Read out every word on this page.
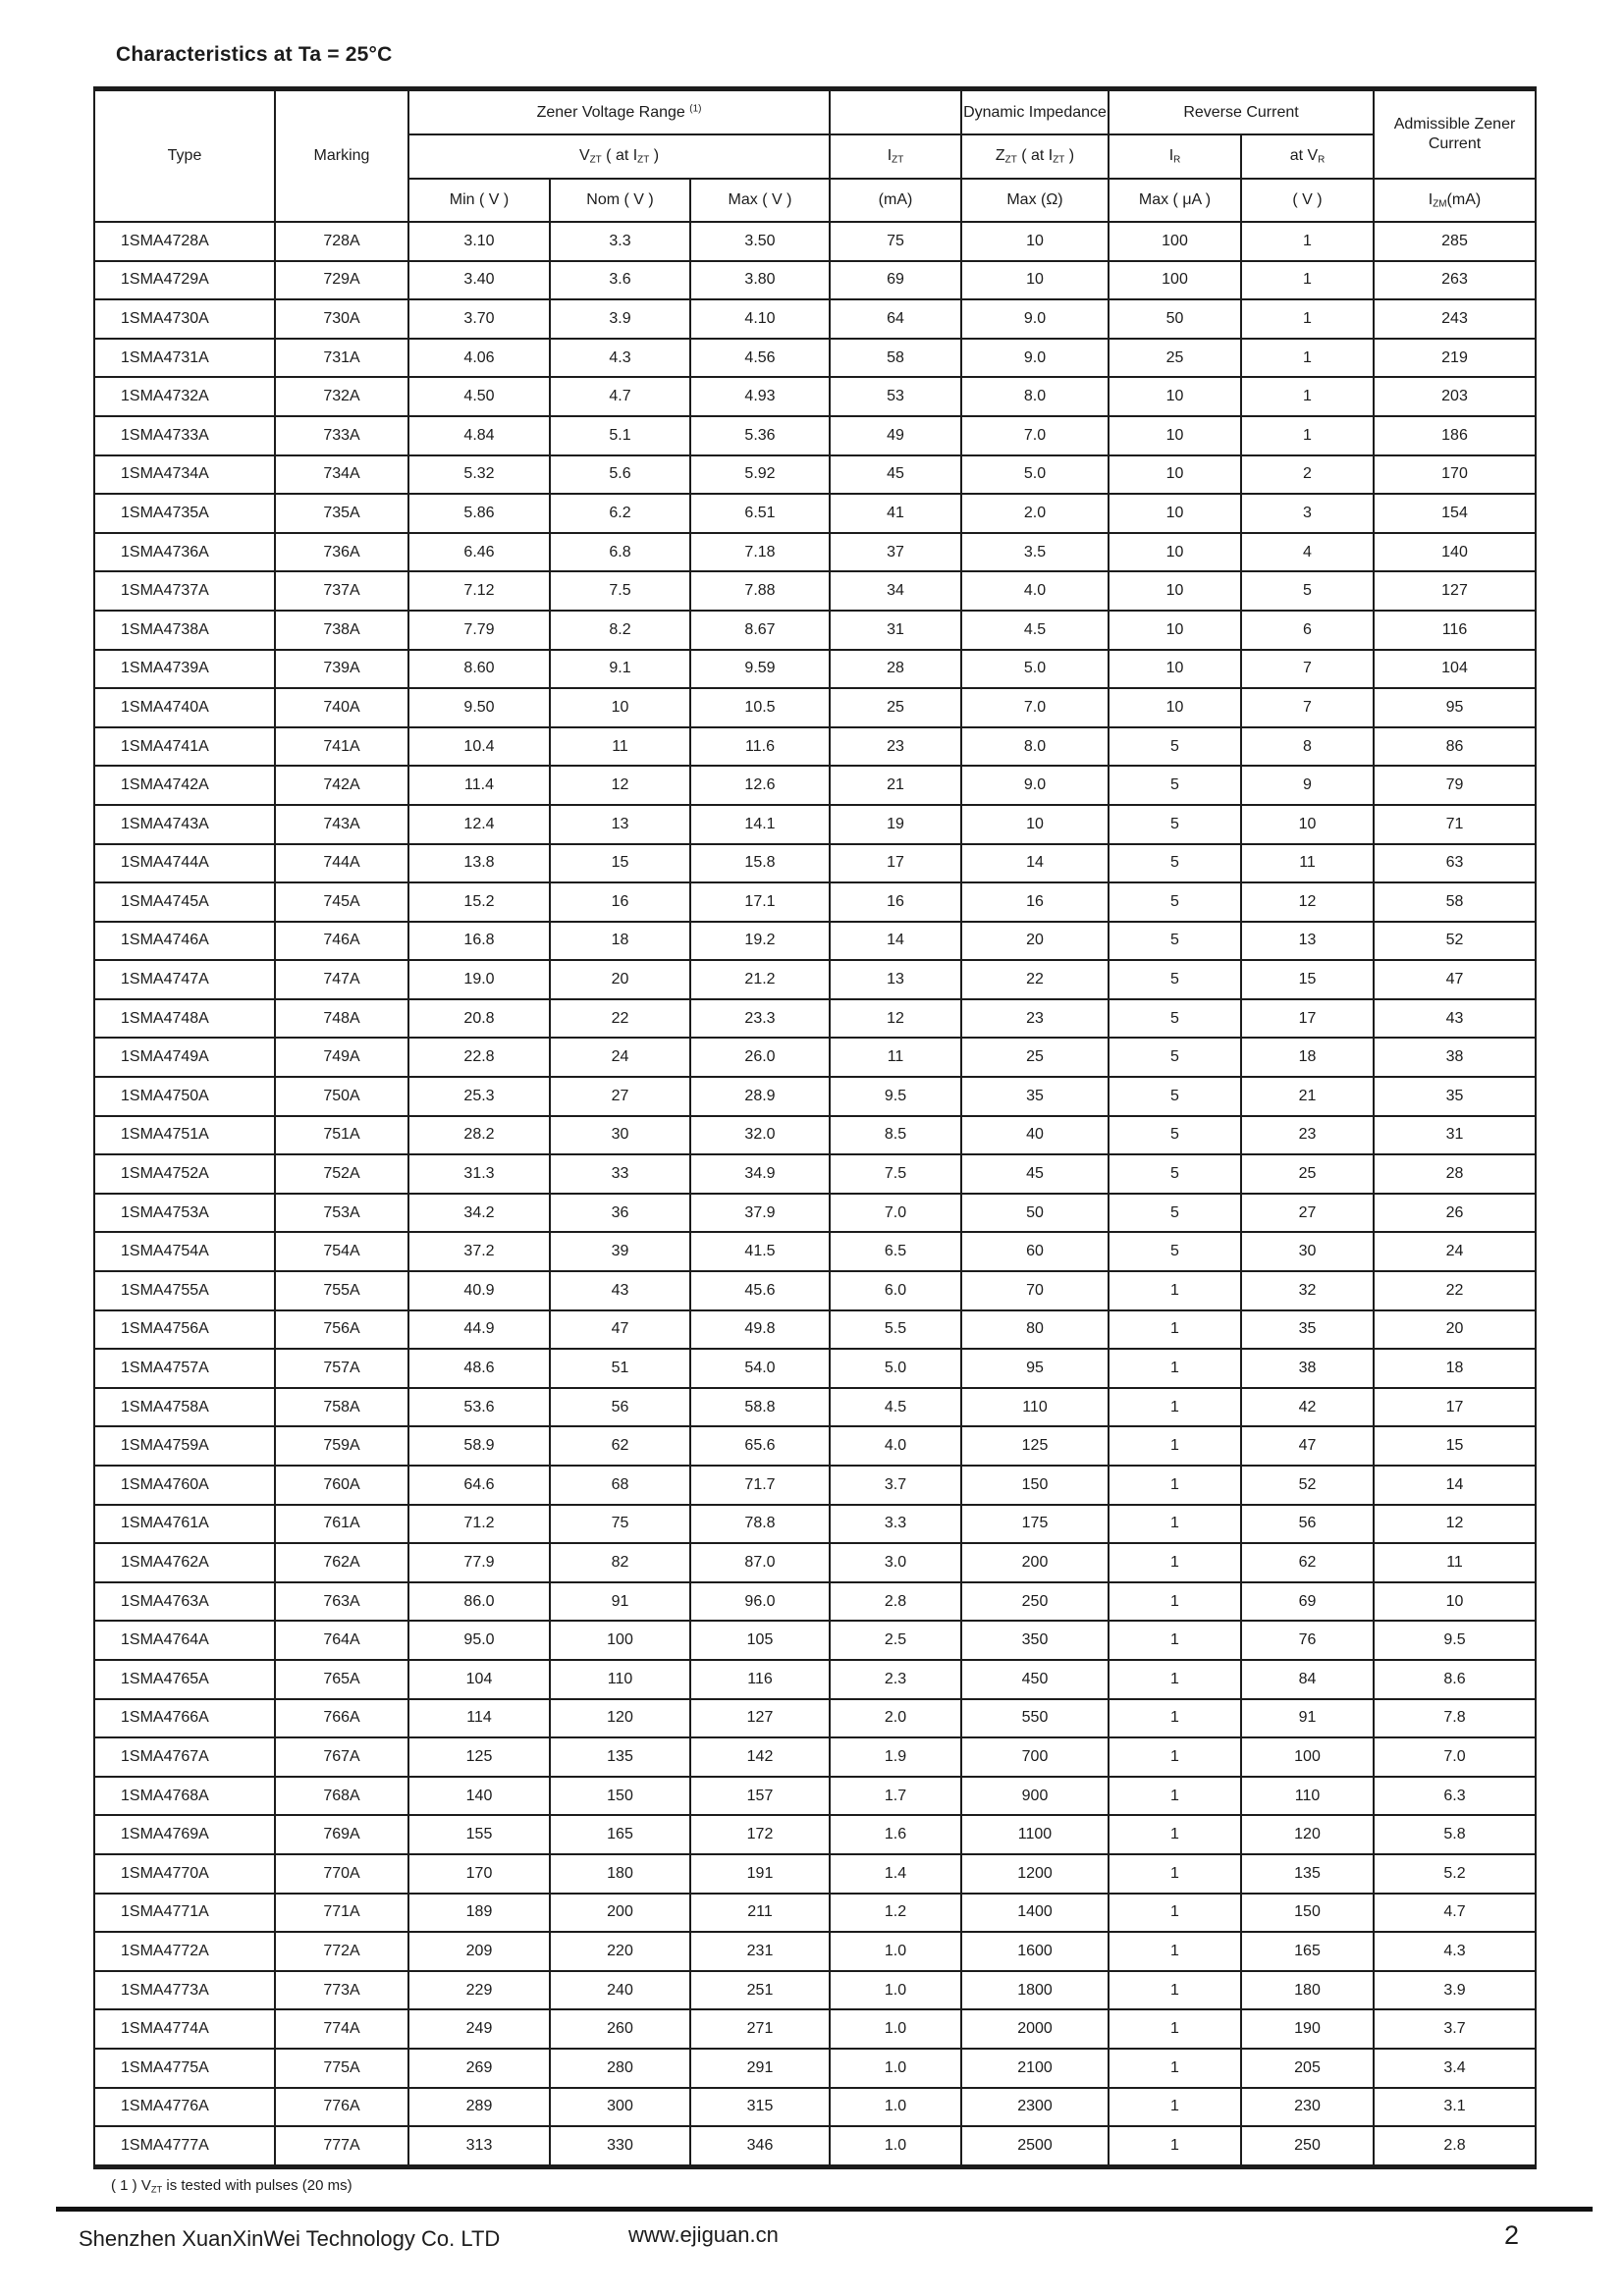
Characteristics at Ta = 25°C
Type	Marking	Zener Voltage Range $^{(1)}$				Dynamic Impedance	Reverse Current		Admissible Zener Current
		$V_{ZT}$ ( at $I_{ZT}$ )			$I_{ZT}$	$Z_{ZT}$ ( at $I_{ZT}$ )	$I_R$	at $V_R$
		Min ( V )	Nom ( V )	Max ( V )	(mA)	Max (Ω)	Max ( μA )	( V )	$I_{ZM}(mA)$
1SMA4728A	728A	3.10	3.3	3.50	75	10	100	1	285
1SMA4729A	729A	3.40	3.6	3.80	69	10	100	1	263
1SMA4730A	730A	3.70	3.9	4.10	64	9.0	50	1	243
1SMA4731A	731A	4.06	4.3	4.56	58	9.0	25	1	219
1SMA4732A	732A	4.50	4.7	4.93	53	8.0	10	1	203
1SMA4733A	733A	4.84	5.1	5.36	49	7.0	10	1	186
1SMA4734A	734A	5.32	5.6	5.92	45	5.0	10	2	170
1SMA4735A	735A	5.86	6.2	6.51	41	2.0	10	3	154
1SMA4736A	736A	6.46	6.8	7.18	37	3.5	10	4	140
1SMA4737A	737A	7.12	7.5	7.88	34	4.0	10	5	127
1SMA4738A	738A	7.79	8.2	8.67	31	4.5	10	6	116
1SMA4739A	739A	8.60	9.1	9.59	28	5.0	10	7	104
1SMA4740A	740A	9.50	10	10.5	25	7.0	10	7	95
1SMA4741A	741A	10.4	11	11.6	23	8.0	5	8	86
1SMA4742A	742A	11.4	12	12.6	21	9.0	5	9	79
1SMA4743A	743A	12.4	13	14.1	19	10	5	10	71
1SMA4744A	744A	13.8	15	15.8	17	14	5	11	63
1SMA4745A	745A	15.2	16	17.1	16	16	5	12	58
1SMA4746A	746A	16.8	18	19.2	14	20	5	13	52
1SMA4747A	747A	19.0	20	21.2	13	22	5	15	47
1SMA4748A	748A	20.8	22	23.3	12	23	5	17	43
1SMA4749A	749A	22.8	24	26.0	11	25	5	18	38
1SMA4750A	750A	25.3	27	28.9	9.5	35	5	21	35
1SMA4751A	751A	28.2	30	32.0	8.5	40	5	23	31
1SMA4752A	752A	31.3	33	34.9	7.5	45	5	25	28
1SMA4753A	753A	34.2	36	37.9	7.0	50	5	27	26
1SMA4754A	754A	37.2	39	41.5	6.5	60	5	30	24
1SMA4755A	755A	40.9	43	45.6	6.0	70	1	32	22
1SMA4756A	756A	44.9	47	49.8	5.5	80	1	35	20
1SMA4757A	757A	48.6	51	54.0	5.0	95	1	38	18
1SMA4758A	758A	53.6	56	58.8	4.5	110	1	42	17
1SMA4759A	759A	58.9	62	65.6	4.0	125	1	47	15
1SMA4760A	760A	64.6	68	71.7	3.7	150	1	52	14
1SMA4761A	761A	71.2	75	78.8	3.3	175	1	56	12
1SMA4762A	762A	77.9	82	87.0	3.0	200	1	62	11
1SMA4763A	763A	86.0	91	96.0	2.8	250	1	69	10
1SMA4764A	764A	95.0	100	105	2.5	350	1	76	9.5
1SMA4765A	765A	104	110	116	2.3	450	1	84	8.6
1SMA4766A	766A	114	120	127	2.0	550	1	91	7.8
1SMA4767A	767A	125	135	142	1.9	700	1	100	7.0
1SMA4768A	768A	140	150	157	1.7	900	1	110	6.3
1SMA4769A	769A	155	165	172	1.6	1100	1	120	5.8
1SMA4770A	770A	170	180	191	1.4	1200	1	135	5.2
1SMA4771A	771A	189	200	211	1.2	1400	1	150	4.7
1SMA4772A	772A	209	220	231	1.0	1600	1	165	4.3
1SMA4773A	773A	229	240	251	1.0	1800	1	180	3.9
1SMA4774A	774A	249	260	271	1.0	2000	1	190	3.7
1SMA4775A	775A	269	280	291	1.0	2100	1	205	3.4
1SMA4776A	776A	289	300	315	1.0	2300	1	230	3.1
1SMA4777A	777A	313	330	346	1.0	2500	1	250	2.8
( 1 ) $V_{ZT}$ is tested with pulses (20 ms)
Shenzhen XuanXinWei Technology Co. LTD	www.ejiguan.cn	2
